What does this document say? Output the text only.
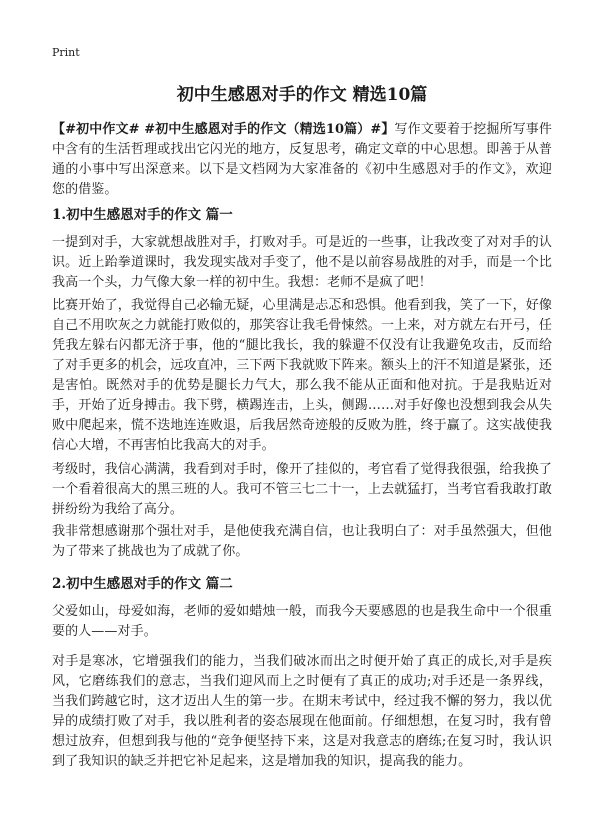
Print
初中生感恩对手的作文 精选10篇

【#初中作文# #初中生感恩对手的作文（精选10篇）#】写作文要着于挖掘所写事件中含有的生活哲理或找出它闪光的地方，反复思考，确定文章的中心思想。即善于从普通的小事中写出深意来。以下是文档网为大家准备的《初中生感恩对手的作文》，欢迎您的借鉴。

1.初中生感恩对手的作文 篇一

一提到对手，大家就想战胜对手，打败对手。可是近的一些事，让我改变了对对手的认识。近上跆拳道课时，我发现实战对手变了，他不是以前容易战胜的对手，而是一个比我高一个头，力气像大象一样的初中生。我想：老师不是疯了吧！

比赛开始了，我觉得自己必输无疑，心里满是忐忑和恐惧。他看到我，笑了一下，好像自己不用吹灰之力就能打败似的，那笑容让我毛骨悚然。一上来，对方就左右开弓，任凭我左躲右闪都无济于事，他的“腿比我长，我的躲避不仅没有让我避免攻击，反而给了对手更多的机会，远攻直冲，三下两下我就败下阵来。额头上的汗不知道是紧张，还是害怕。既然对手的优势是腿长力气大，那么我不能从正面和他对抗。于是我贴近对手，开始了近身搏击。我下劈，横踢连击，上头，侧踢……对手好像也没想到我会从失败中爬起来，慌不迭地连连败退，后我居然奇迹般的反败为胜，终于赢了。这实战使我信心大增，不再害怕比我高大的对手。

考级时，我信心满满，我看到对手时，像开了挂似的，考官看了觉得我很强，给我换了一个看着很高大的黑三班的人。我可不管三七二十一，上去就猛打，当考官看我敢打敢拼纷纷为我给了高分。

我非常想感谢那个强壮对手，是他使我充满自信，也让我明白了：对手虽然强大，但他为了带来了挑战也为了成就了你。

2.初中生感恩对手的作文 篇二

父爱如山，母爱如海，老师的爱如蜡烛一般，而我今天要感恩的也是我生命中一个很重要的人——对手。

对手是寒冰，它增强我们的能力，当我们破冰而出之时便开始了真正的成长,对手是疾风，它磨练我们的意志，当我们迎风而上之时便有了真正的成功;对手还是一条界线，当我们跨越它时，这才迈出人生的第一步。在期末考试中，经过我不懈的努力，我以优异的成绩打败了对手，我以胜利者的姿态展现在他面前。仔细想想，在复习时，我有曾想过放弃，但想到我与他的“竞争便坚持下来，这是对我意志的磨练;在复习时，我认识到了我知识的缺乏并把它补足起来，这是增加我的知识，提高我的能力。
